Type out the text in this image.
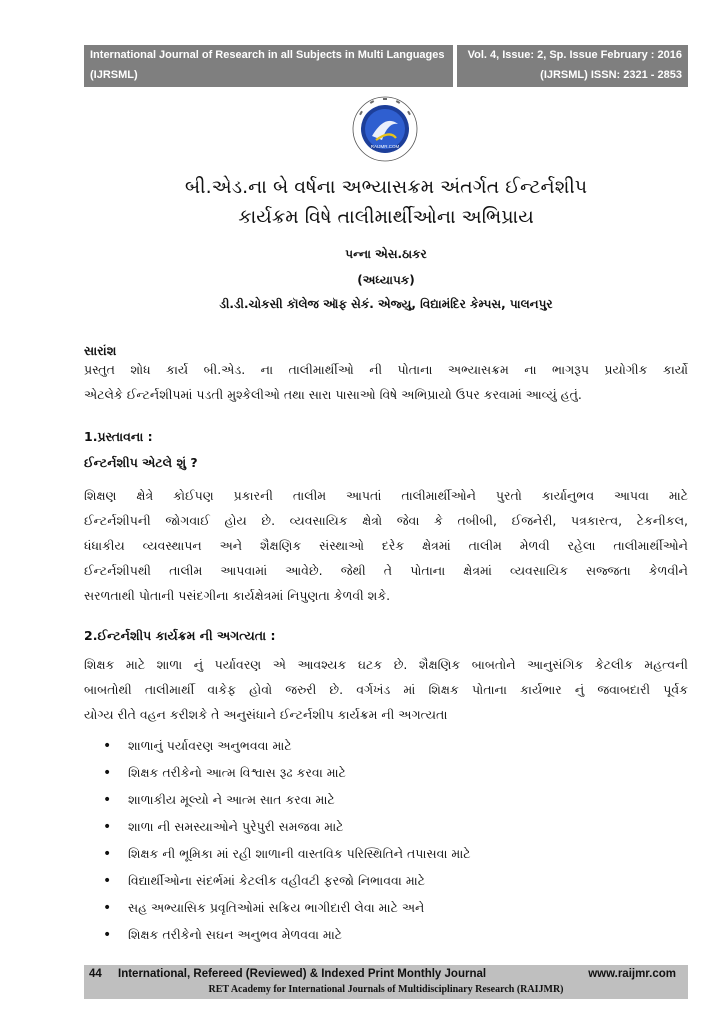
International Journal of Research in all Subjects in Multi Languages
(IJRSML)
Vol. 4, Issue: 2, Sp. Issue February : 2016
(IJRSML) ISSN: 2321 - 2853
RAIJMR.COM
બી.એડ.ના બે વર્ષના અભ્યાસક્રમ અંતર્ગત ઈન્ટર્નશીપ
કાર્યક્રમ વિષે તાલીમાર્થીઓના અભિપ્રાય
પન્ના એસ.ઠાકર
(અધ્યાપક)
ડી.ડી.ચોકસી કૉલેજ ઑફ સેકં. એજ્યુ, વિદ્યામંદિર કેમ્પસ, પાલનપુર
સારાંશ
પ્રસ્તુત શોધ કાર્ય બી.એડ. ના તાલીમાર્થીઓ ની પોતાના અભ્યાસક્રમ ના ભાગરૂપ પ્રયોગીક કાર્યો
એટલેકે ઈન્ટર્નશીપમાં પડતી મુશ્કેલીઓ તથા સારા પાસાઓ વિષે અભિપ્રાયો ઉપર કરવામાં આવ્યું હતું.
1.પ્રસ્તાવના :
ઈન્ટર્નશીપ એટલે શું ?
શિક્ષણ ક્ષેત્રે કોઈપણ પ્રકારની તાલીમ આપતાં તાલીમાર્થીઓને પુરતો કાર્યાનુભવ આપવા માટે
ઈન્ટર્નશીપની જોગવાઈ હોય છે. વ્યવસાયિક ક્ષેત્રો જેવા કે તબીબી, ઈજનેરી, પત્રકારત્વ, ટેકનીકલ,
ધંધાકીય વ્યવસ્થાપન અને શૈક્ષણિક સંસ્થાઓ દરેક ક્ષેત્રમાં તાલીમ મેળવી રહેલા તાલીમાર્થીઓને
ઈન્ટર્નશીપથી તાલીમ આપવામાં આવેછે. જેથી તે પોતાના ક્ષેત્રમાં વ્યવસાયિક સજ્જતા કેળવીને
સરળતાથી પોતાની પસંદગીના કાર્યક્ષેત્રમાં નિપુણતા કેળવી શકે.
2.ઈન્ટર્નશીપ કાર્યક્રમ ની અગત્યતા :
શિક્ષક માટે શાળા નું પર્યાવરણ એ આવશ્યક ઘટક છે. શૈક્ષણિક બાબતોને આનુસંગિક કેટલીક મહત્વની
બાબતોથી તાલીમાર્થી વાકેફ હોવો જરુરી છે. વર્ગખંડ માં શિક્ષક પોતાના કાર્યભાર નું જવાબદારી પૂર્વક
યોગ્ય રીતે વહન કરીશકે તે અનુસંધાને ઈન્ટર્નશીપ કાર્યક્રમ ની અગત્યતા
• શાળાનું પર્યાવરણ અનુભવવા માટે
• શિક્ષક તરીકેનો આત્મ વિશ્વાસ રૂઢ કરવા માટે
• શાળાકીય મૂલ્યો ને આત્મ સાત કરવા માટે
• શાળા ની સમસ્યાઓને પુરેપુરી સમજવા માટે
• શિક્ષક ની ભૂમિકા માં રહી શાળાની વાસ્તવિક પરિસ્થિતિને તપાસવા માટે
• વિદ્યાર્થીઓના સંદર્ભમાં કેટલીક વહીવટી ફરજો નિભાવવા માટે
• સહ અભ્યાસિક પ્રવૃતિઓમાં સક્રિય ભાગીદારી લેવા માટે અને
• શિક્ષક તરીકેનો સઘન અનુભવ મેળવવા માટે
44 International, Refereed (Reviewed) & Indexed Print Monthly Journal	www.raijmr.com
RET Academy for International Journals of Multidisciplinary Research (RAIJMR)
